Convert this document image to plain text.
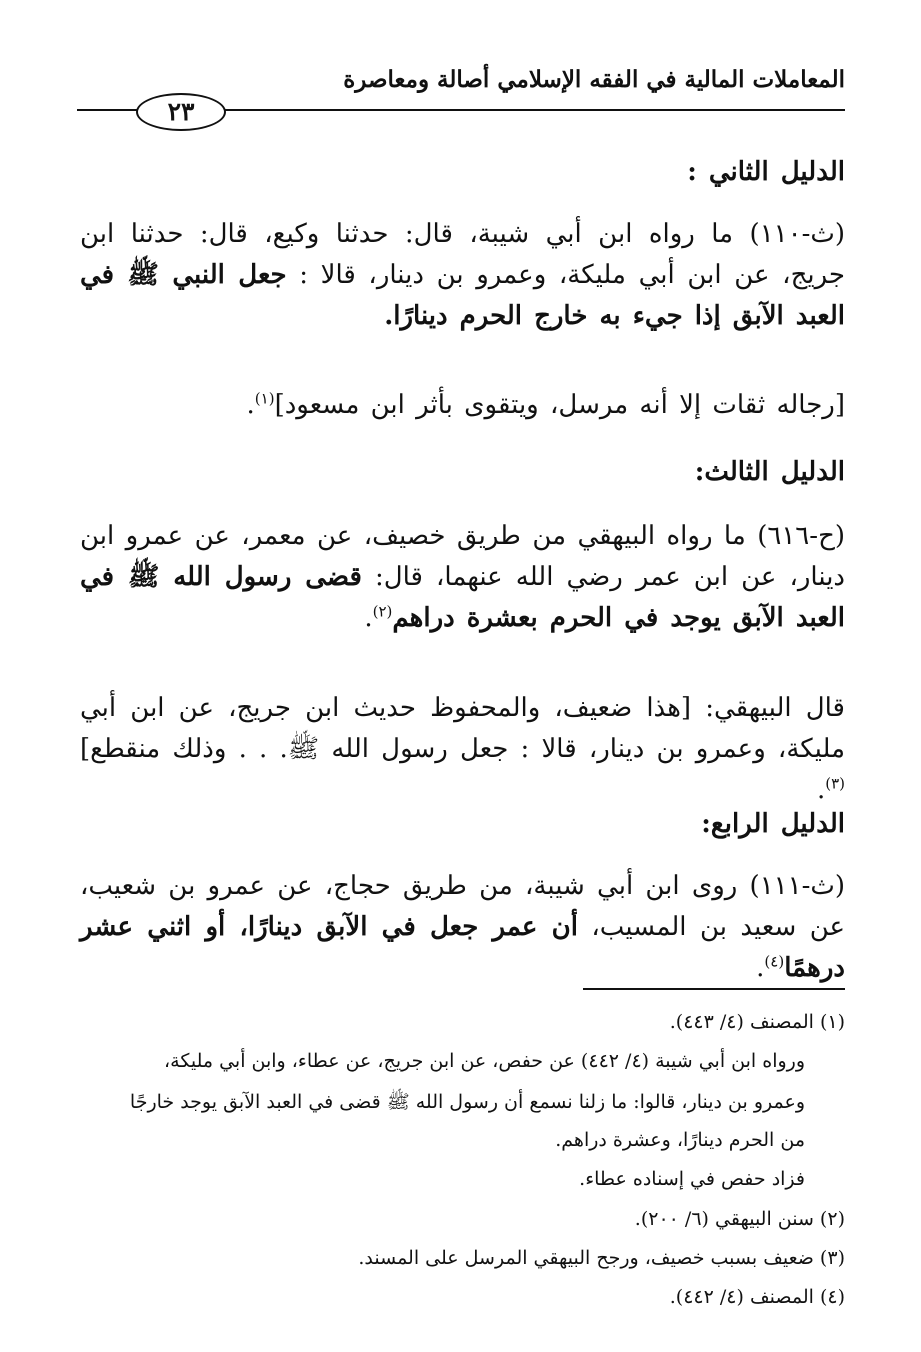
المعاملات المالية في الفقه الإسلامي أصالة ومعاصرة
٢٣
الدليل الثاني :
(ث-١١٠) ما رواه ابن أبي شيبة، قال: حدثنا وكيع، قال: حدثنا ابن جريج، عن ابن أبي مليكة، وعمرو بن دينار، قالا : جعل النبي ﷺ في العبد الآبق إذا جيء به خارج الحرم دينارًا.
[رجاله ثقات إلا أنه مرسل، ويتقوى بأثر ابن مسعود]$^{(١)}$.
الدليل الثالث:
(ح-٦١٦) ما رواه البيهقي من طريق خصيف، عن معمر، عن عمرو ابن دينار، عن ابن عمر رضي الله عنهما، قال: قضى رسول الله ﷺ في العبد الآبق يوجد في الحرم بعشرة دراهم$^{(٢)}$.
قال البيهقي: [هذا ضعيف، والمحفوظ حديث ابن جريج، عن ابن أبي مليكة، وعمرو بن دينار، قالا : جعل رسول الله ﷺ. . . وذلك منقطع]$^{(٣)}$.
الدليل الرابع:
(ث-١١١) روى ابن أبي شيبة، من طريق حجاج، عن عمرو بن شعيب، عن سعيد بن المسيب، أن عمر جعل في الآبق دينارًا، أو اثني عشر درهمًا$^{(٤)}$.
(١) المصنف (٤/ ٤٤٣).
ورواه ابن أبي شيبة (٤/ ٤٤٢) عن حفص، عن ابن جريج، عن عطاء، وابن أبي مليكة،
وعمرو بن دينار، قالوا: ما زلنا نسمع أن رسول الله ﷺ قضى في العبد الآبق يوجد خارجًا
من الحرم دينارًا، وعشرة دراهم.
فزاد حفص في إسناده عطاء.
(٢) سنن البيهقي (٦/ ٢٠٠).
(٣) ضعيف بسبب خصيف، ورجح البيهقي المرسل على المسند.
(٤) المصنف (٤/ ٤٤٢).
